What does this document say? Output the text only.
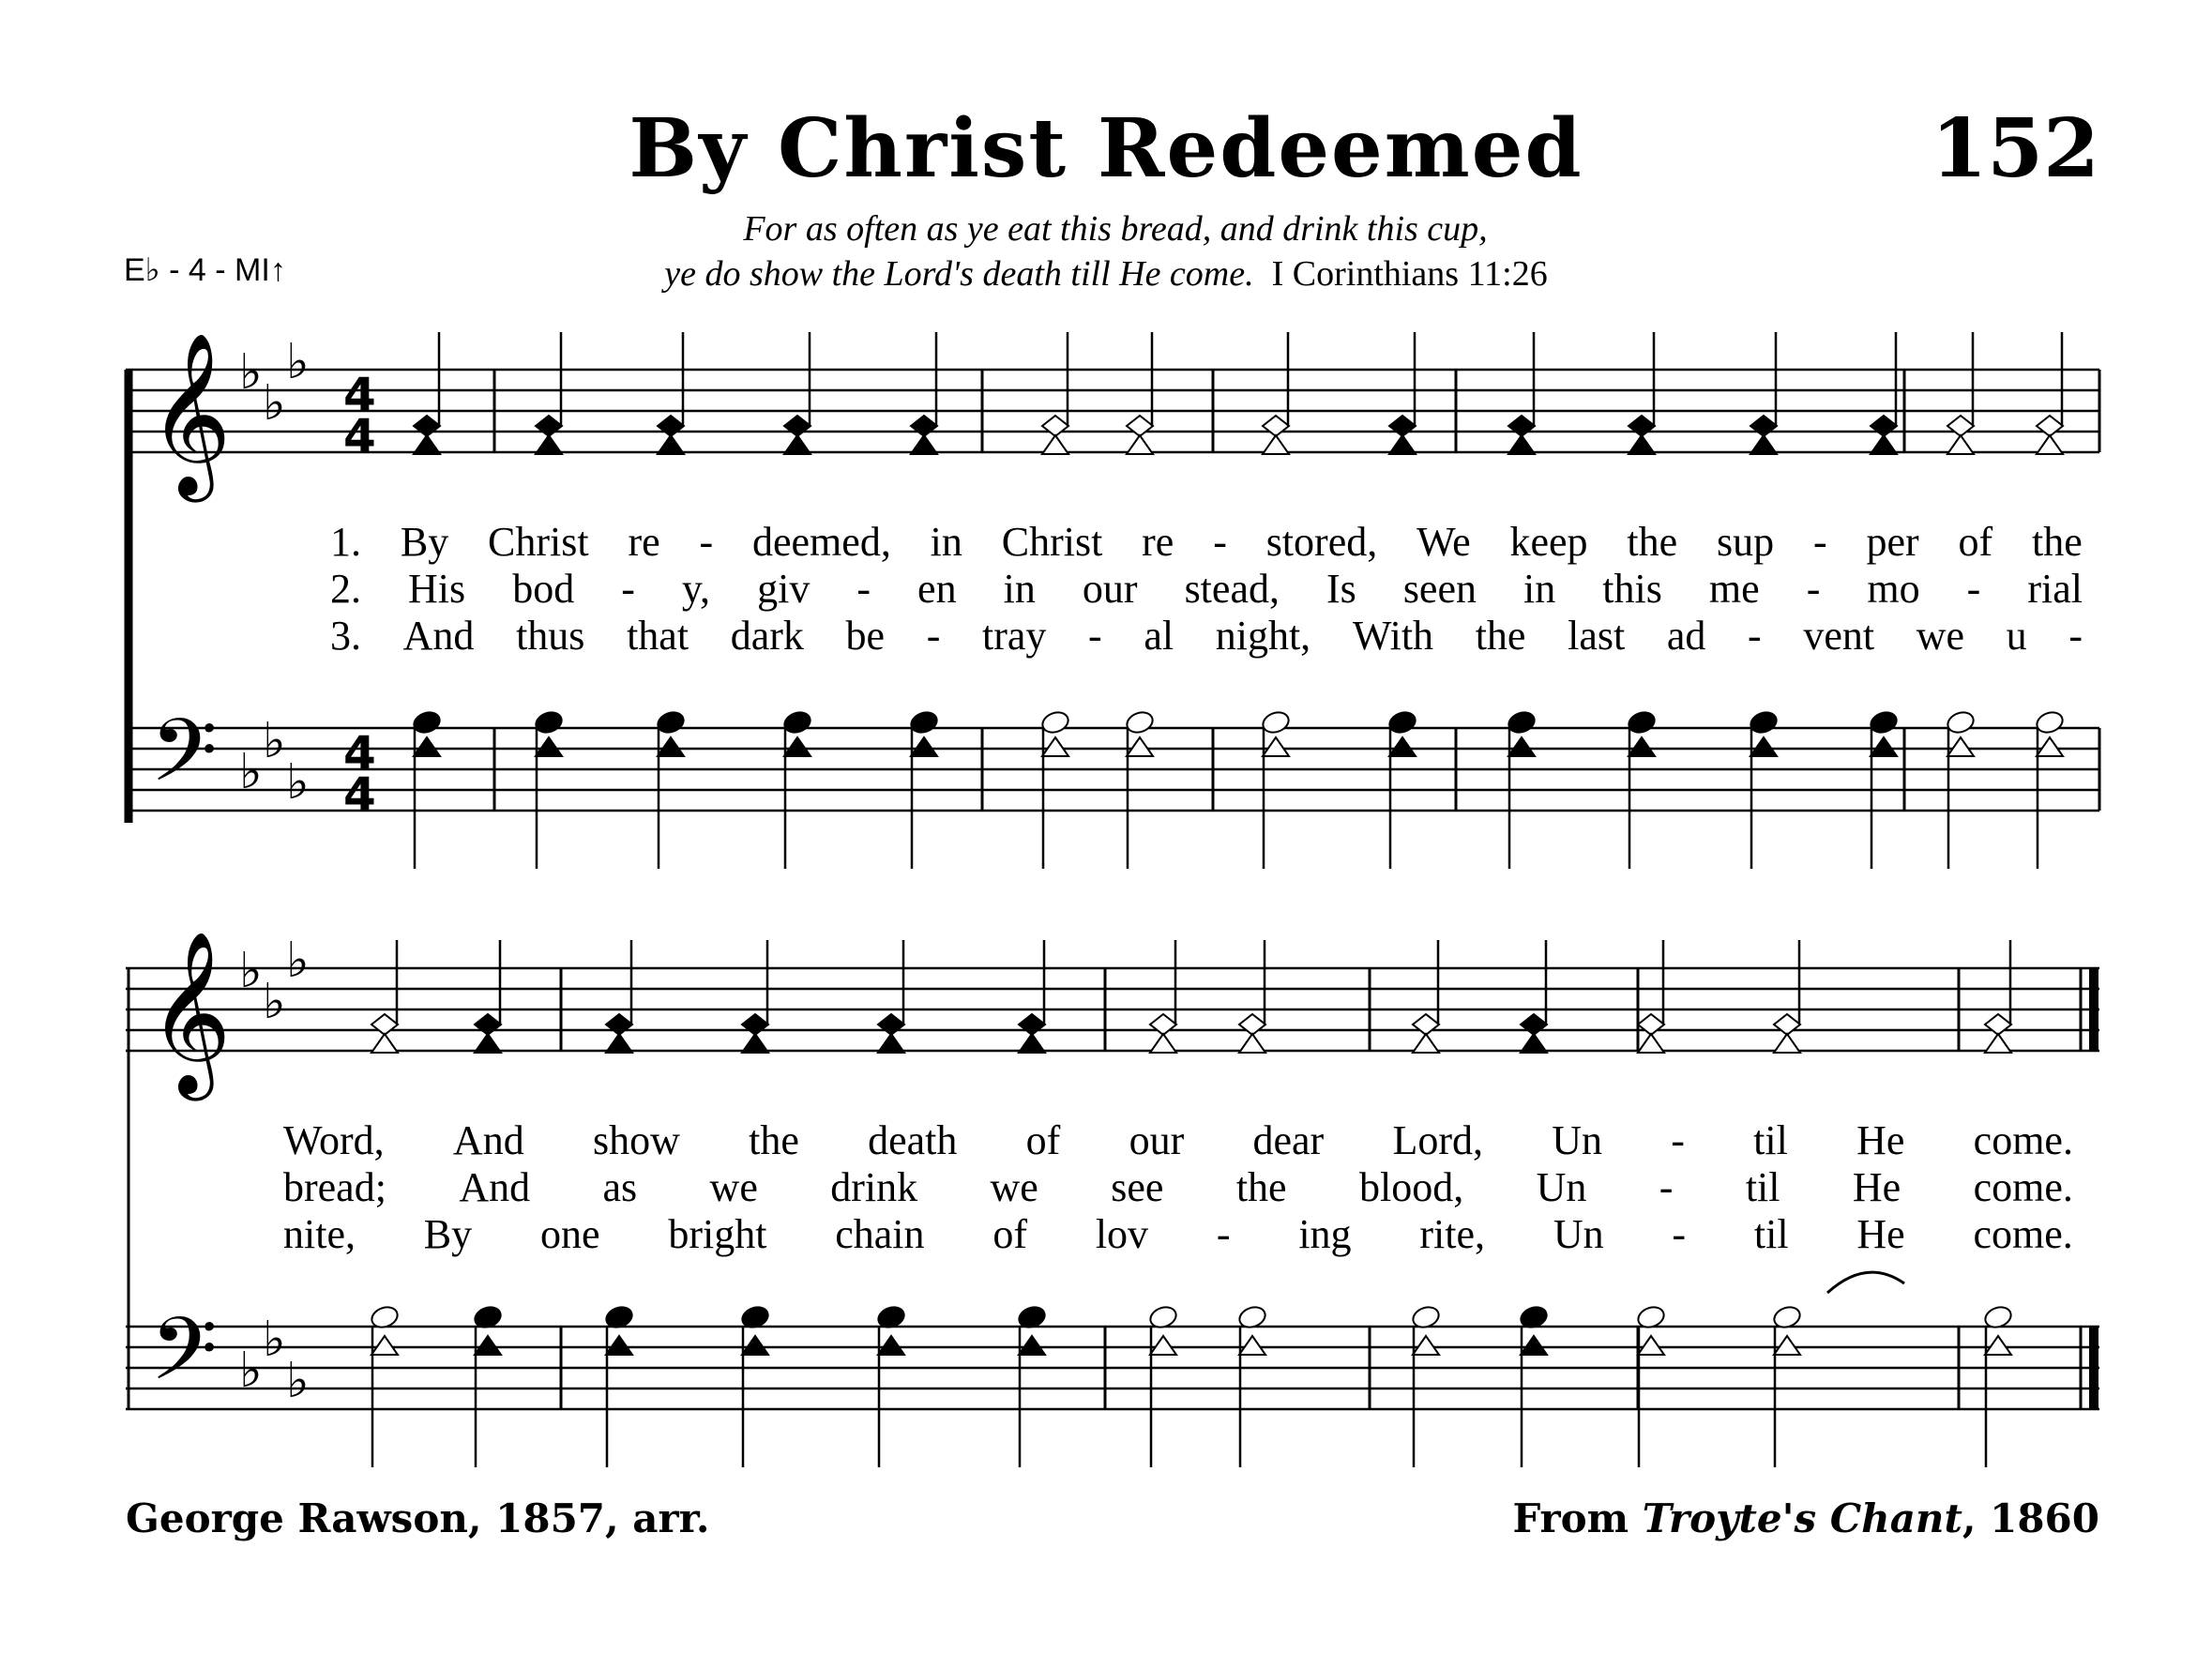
By Christ Redeemed	152
E♭ - 4 - MI↑
For as often as ye eat this bread, and drink this cup,
ye do show the Lord's death till He come. I Corinthians 11:26
𝄞 ♭
♭
♭
4
4
𝄢 ♭
♭
♭
4
4
𝄞 ♭
♭
♭
𝄢 ♭
♭
♭
1. By Christ re - deemed, in Christ re - stored, We keep the sup - per of the
2. His bod - y, giv - en in our stead, Is seen in this me - mo - rial
3. And thus that dark be - tray - al night, With the last ad - vent we u -
Word, And show the death of our dear Lord, Un - til He come.
bread; And as we drink we see the blood, Un - til He come.
nite, By one bright chain of lov - ing rite, Un - til He come.
George Rawson, 1857, arr.	From Troyte's Chant, 1860
